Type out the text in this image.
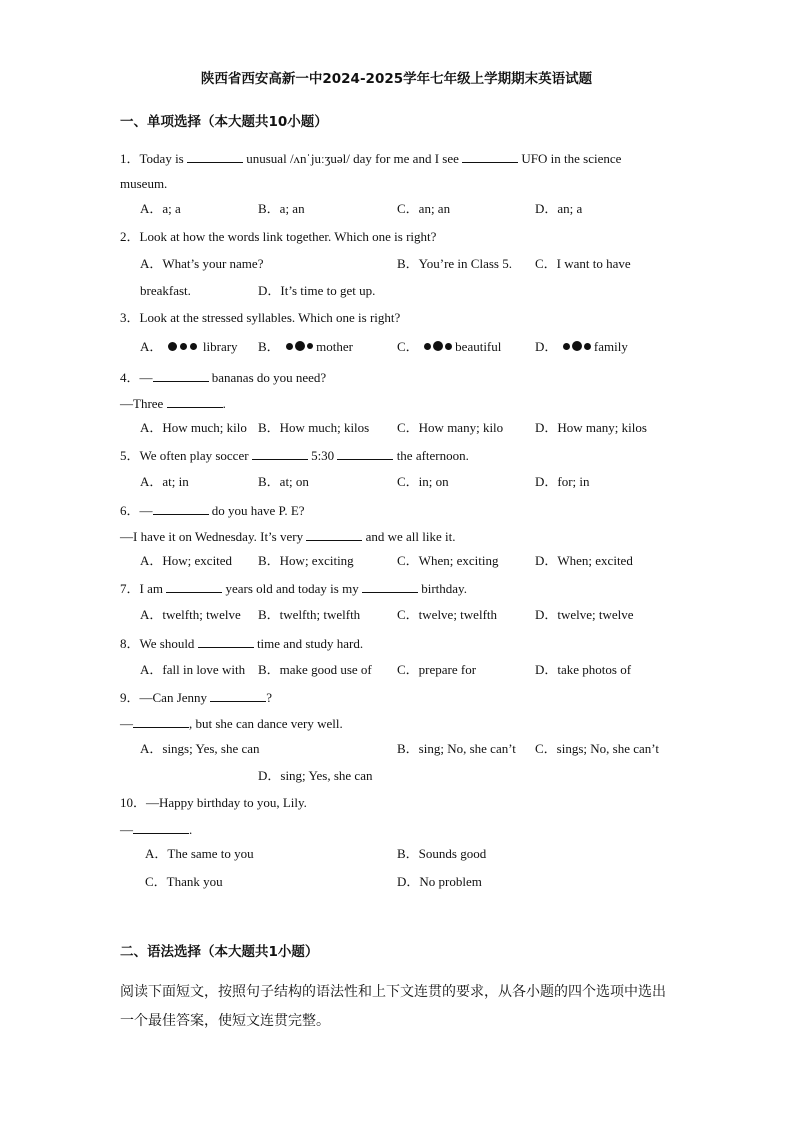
陕西省西安高新一中2024-2025学年七年级上学期期末英语试题
一、单项选择（本大题共10小题）
1．Today is	unusual /ʌnˈjuːʒuəl/ day for me and I see	UFO in the science
museum.
A．a; a	B．a; an	C．an; an	D．an; a
2．Look at how the words link together. Which one is right?
A．What’s your name?	B．You’re in Class 5. C．I want to have
breakfast.	D．It’s time to get up.
3．Look at the stressed syllables. Which one is right?
A．	library B．	mother	C．	beautiful	D．	family
4．—	bananas do you need?
—Three	.
A．How much; kilo B．How much; kilos C．How many; kilo D．How many; kilos
5．We often play soccer	5:30	the afternoon.
A．at; in	B．at; on	C．in; on	D．for; in
6．—	do you have P. E?
—I have it on Wednesday. It’s very	and we all like it.
A．How; excited B．How; exciting	C．When; exciting	D．When; excited
7．I am	years old and today is my	birthday.
A．twelfth; twelve B．twelfth; twelfth	C．twelve; twelfth	D．twelve; twelve
8．We should	time and study hard.
A．fall in love with B．make good use of C．prepare for	D．take photos of
9．—Can Jenny	?
—	, but she can dance very well.
A．sings; Yes, she can	B．sing; No, she can’t C．sings; No, she can’t
D．sing; Yes, she can
10．—Happy birthday to you, Lily.
—	.
A．The same to you	B．Sounds good
C．Thank you	D．No problem
二、语法选择（本大题共1小题）
阅读下面短文，按照句子结构的语法性和上下文连贯的要求，从各小题的四个选项中选出
一个最佳答案，使短文连贯完整。
